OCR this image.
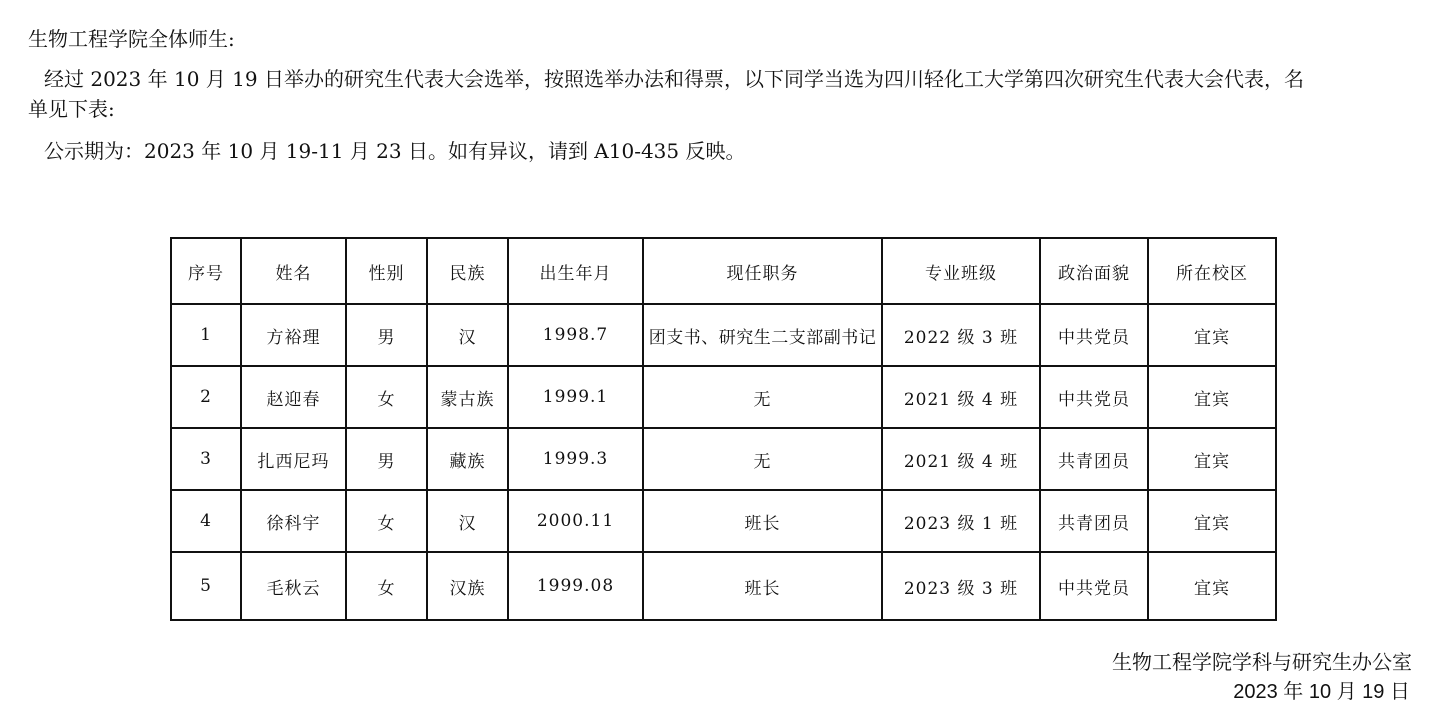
生物工程学院全体师生:
经过 2023 年 10 月 19 日举办的研究生代表大会选举，按照选举办法和得票，以下同学当选为四川轻化工大学第四次研究生代表大会代表，名
单见下表:
公示期为：2023 年 10 月 19-11 月 23 日。如有异议，请到 A10-435 反映。
序号	姓名	性别	民族	出生年月	现任职务	专业班级	政治面貌	所在校区
1	方裕理	男	汉	1998.7	团支书、研究生二支部副书记	2022 级 3 班	中共党员	宜宾
2	赵迎春	女	蒙古族	1999.1	无	2021 级 4 班	中共党员	宜宾
3	扎西尼玛	男	藏族	1999.3	无	2021 级 4 班	共青团员	宜宾
4	徐科宇	女	汉	2000.11	班长	2023 级 1 班	共青团员	宜宾
5	毛秋云	女	汉族	1999.08	班长	2023 级 3 班	中共党员	宜宾
生物工程学院学科与研究生办公室
2023 年 10 月 19 日
